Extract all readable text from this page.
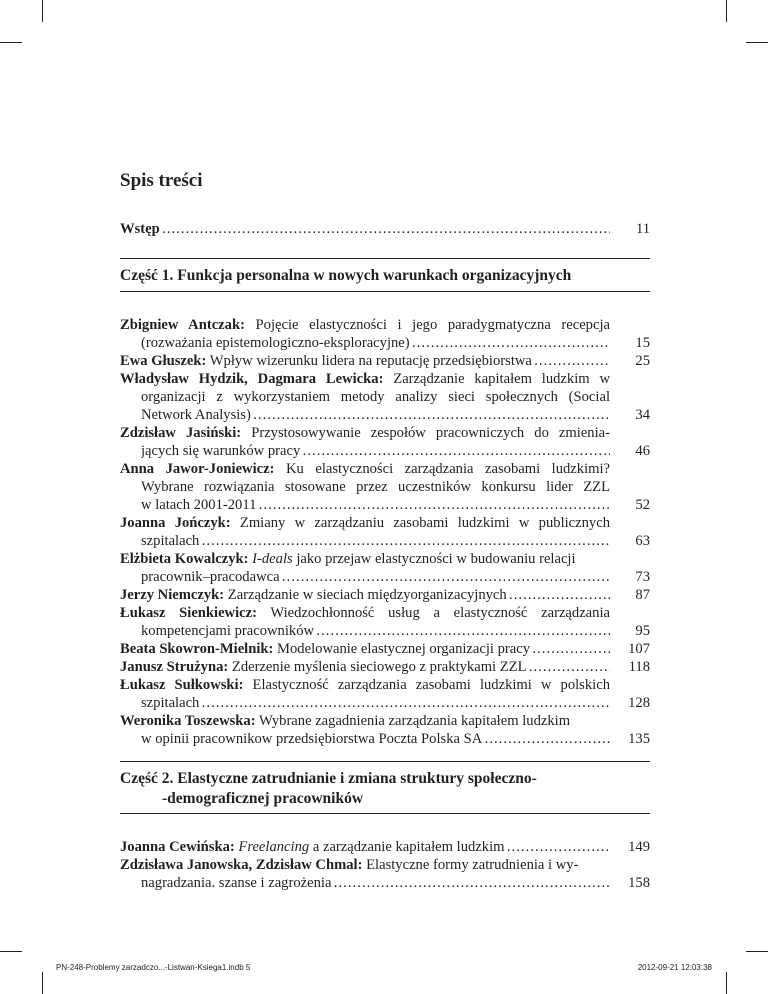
Spis treści
Wstęp . . .	11
Część 1. Funkcja personalna w nowych warunkach organizacyjnych
Zbigniew Antczak: Pojęcie elastyczności i jego paradygmatyczna recepcja
(rozważania epistemologiczno-eksploracyjne) . . .	15
Ewa Głuszek: Wpływ wizerunku lidera na reputację przedsiębiorstwa . . .	25
Władysław Hydzik, Dagmara Lewicka: Zarządzanie kapitałem ludzkim w
organizacji z wykorzystaniem metody analizy sieci społecznych (Social
Network Analysis) . . .	34
Zdzisław Jasiński: Przystosowywanie zespołów pracowniczych do zmienia-
jących się warunków pracy . . .	46
Anna Jawor-Joniewicz: Ku elastyczności zarządzania zasobami ludzkimi?
Wybrane rozwiązania stosowane przez uczestników konkursu lider ZZL
w latach 2001-2011 . . .	52
Joanna Jończyk: Zmiany w zarządzaniu zasobami ludzkimi w publicznych
szpitalach . . .	63
Elżbieta Kowalczyk: I-deals jako przejaw elastyczności w budowaniu relacji
pracownik–pracodawca . . .	73
Jerzy Niemczyk: Zarządzanie w sieciach międzyorganizacyjnych . . .	87
Łukasz Sienkiewicz: Wiedzochłonność usług a elastyczność zarządzania
kompetencjami pracowników . . .	95
Beata Skowron-Mielnik: Modelowanie elastycznej organizacji pracy . . .	107
Janusz Strużyna: Zderzenie myślenia sieciowego z praktykami ZZL . . .	118
Łukasz Sułkowski: Elastyczność zarządzania zasobami ludzkimi w polskich
szpitalach . . .	128
Weronika Toszewska: Wybrane zagadnienia zarządzania kapitałem ludzkim
w opinii pracownikow przedsiębiorstwa Poczta Polska SA . . .	135
Część 2. Elastyczne zatrudnianie i zmiana struktury społeczno-
-demograficznej pracowników
Joanna Cewińska: Freelancing a zarządzanie kapitałem ludzkim . . .	149
Zdzisława Janowska, Zdzisław Chmal: Elastyczne formy zatrudnienia i wy-
nagradzania. szanse i zagrożenia . . .	158
PN-248-Problemy zarzadczo...-Listwan-Ksiega1.indb 5	2012-09-21 12:03:38
